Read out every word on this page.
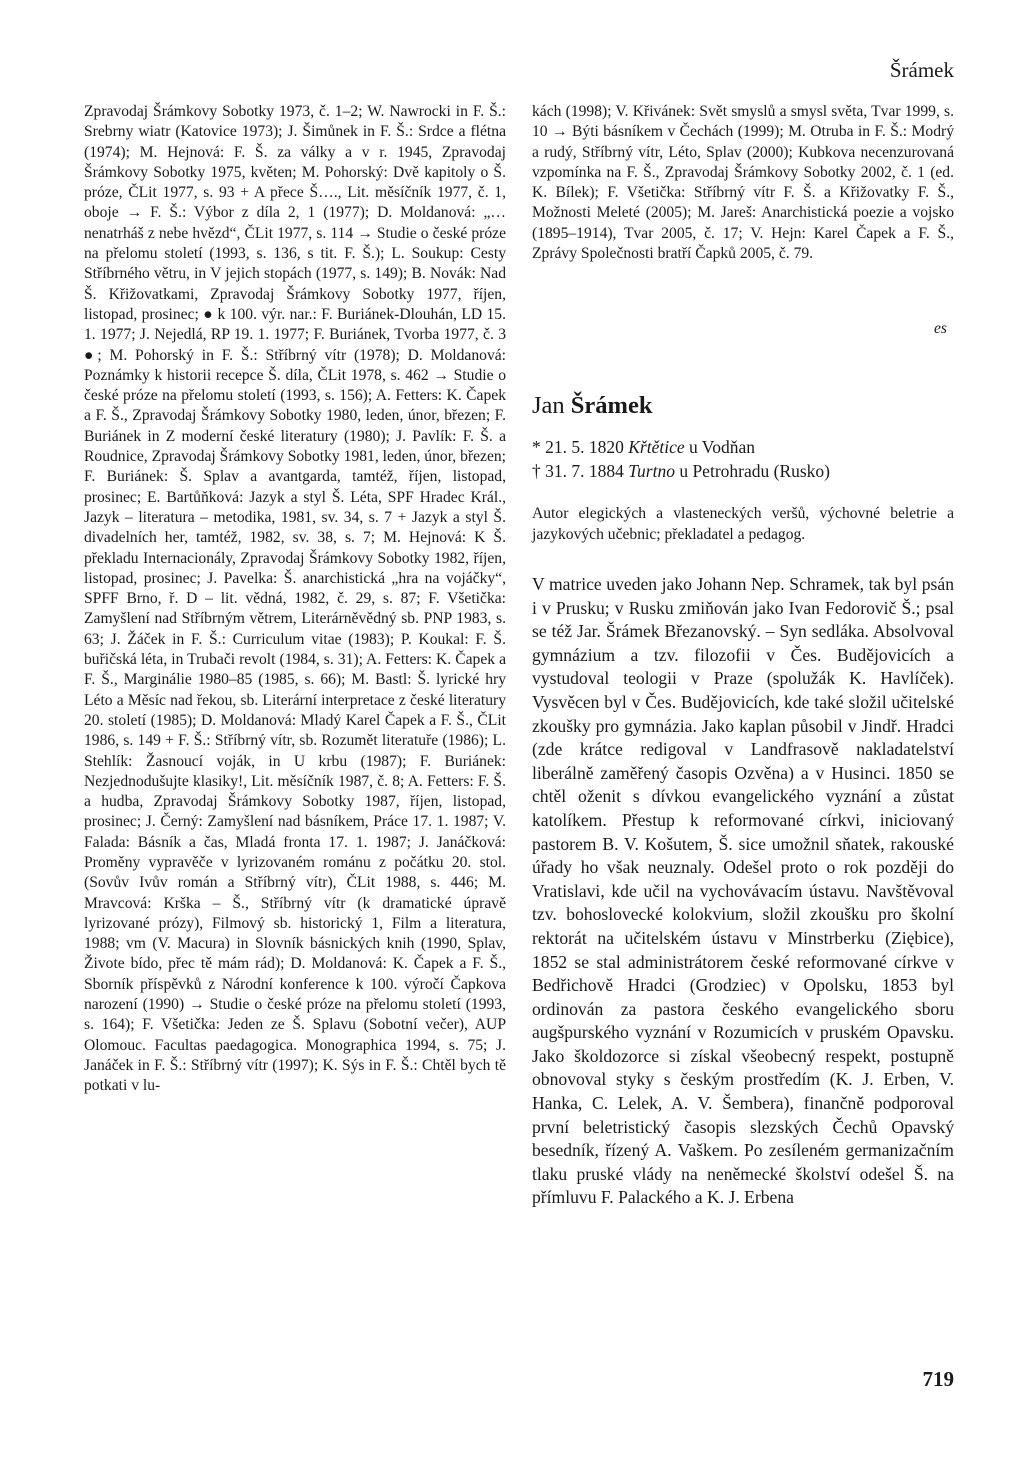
Šrámek
Zpravodaj Šrámkovy Sobotky 1973, č. 1–2; W. Nawrocki in F. Š.: Srebrny wiatr (Katovice 1973); J. Šimůnek in F. Š.: Srdce a flétna (1974); M. Hejnová: F. Š. za války a v r. 1945, Zpravodaj Šrámkovy Sobotky 1975, květen; M. Pohorský: Dvě kapitoly o Š. próze, ČLit 1977, s. 93 + A přece Š…., Lit. měsíčník 1977, č. 1, oboje → F. Š.: Výbor z díla 2, 1 (1977); D. Moldanová: „… nenatrháš z nebe hvězd“, ČLit 1977, s. 114 → Studie o české próze na přelomu století (1993, s. 136, s tit. F. Š.); L. Soukup: Cesty Stříbrného větru, in V jejich stopách (1977, s. 149); B. Novák: Nad Š. Křižovatkami, Zpravodaj Šrámkovy Sobotky 1977, říjen, listopad, prosinec; ● k 100. výr. nar.: F. Buriánek-Dlouhán, LD 15. 1. 1977; J. Nejedlá, RP 19. 1. 1977; F. Buriánek, Tvorba 1977, č. 3 ●; M. Pohorský in F. Š.: Stříbrný vítr (1978); D. Moldanová: Poznámky k historii recepce Š. díla, ČLit 1978, s. 462 → Studie o české próze na přelomu století (1993, s. 156); A. Fetters: K. Čapek a F. Š., Zpravodaj Šrámkovy Sobotky 1980, leden, únor, březen; F. Buriánek in Z moderní české literatury (1980); J. Pavlík: F. Š. a Roudnice, Zpravodaj Šrámkovy Sobotky 1981, leden, únor, březen; F. Buriánek: Š. Splav a avantgarda, tamtéž, říjen, listopad, prosinec; E. Bartůňková: Jazyk a styl Š. Léta, SPF Hradec Král., Jazyk – literatura – metodika, 1981, sv. 34, s. 7 + Jazyk a styl Š. divadelních her, tamtéž, 1982, sv. 38, s. 7; M. Hejnová: K Š. překladu Internacionály, Zpravodaj Šrámkovy Sobotky 1982, říjen, listopad, prosinec; J. Pavelka: Š. anarchistická „hra na vojáčky“, SPFF Brno, ř. D – lit. vědná, 1982, č. 29, s. 87; F. Všetička: Zamyšlení nad Stříbrným větrem, Literárněvědný sb. PNP 1983, s. 63; J. Žáček in F. Š.: Curriculum vitae (1983); P. Koukal: F. Š. buřičská léta, in Trubači revolt (1984, s. 31); A. Fetters: K. Čapek a F. Š., Marginálie 1980–85 (1985, s. 66); M. Bastl: Š. lyrické hry Léto a Měsíc nad řekou, sb. Literární interpretace z české literatury 20. století (1985); D. Moldanová: Mladý Karel Čapek a F. Š., ČLit 1986, s. 149 + F. Š.: Stříbrný vítr, sb. Rozumět literatuře (1986); L. Stehlík: Žasnoucí voják, in U krbu (1987); F. Buriánek: Nezjednodušujte klasiky!, Lit. měsíčník 1987, č. 8; A. Fetters: F. Š. a hudba, Zpravodaj Šrámkovy Sobotky 1987, říjen, listopad, prosinec; J. Černý: Zamyšlení nad básníkem, Práce 17. 1. 1987; V. Falada: Básník a čas, Mladá fronta 17. 1. 1987; J. Janáčková: Proměny vypravěče v lyrizovaném románu z počátku 20. stol. (Sovův Ivův román a Stříbrný vítr), ČLit 1988, s. 446; M. Mravcová: Krška – Š., Stříbrný vítr (k dramatické úpravě lyrizované prózy), Filmový sb. historický 1, Film a literatura, 1988; vm (V. Macura) in Slovník básnických knih (1990, Splav, Živote bído, přec tě mám rád); D. Moldanová: K. Čapek a F. Š., Sborník příspěvků z Národní konference k 100. výročí Čapkova narození (1990) → Studie o české próze na přelomu století (1993, s. 164); F. Všetička: Jeden ze Š. Splavu (Sobotní večer), AUP Olomouc. Facultas paedagogica. Monographica 1994, s. 75; J. Janáček in F. Š.: Stříbrný vítr (1997); K. Sýs in F. Š.: Chtěl bych tě potkati v lu-
kách (1998); V. Křivánek: Svět smyslů a smysl světa, Tvar 1999, s. 10 → Býti básníkem v Čechách (1999); M. Otruba in F. Š.: Modrý a rudý, Stříbrný vítr, Léto, Splav (2000); Kubkova necenzurovaná vzpomínka na F. Š., Zpravodaj Šrámkovy Sobotky 2002, č. 1 (ed. K. Bílek); F. Všetička: Stříbrný vítr F. Š. a Křižovatky F. Š., Možnosti Meleté (2005); M. Jareš: Anarchistická poezie a vojsko (1895–1914), Tvar 2005, č. 17; V. Hejn: Karel Čapek a F. Š., Zprávy Společnosti bratří Čapků 2005, č. 79.
es
Jan Šrámek
* 21. 5. 1820 Křtětice u Vodňan
† 31. 7. 1884 Turtno u Petrohradu (Rusko)
Autor elegických a vlasteneckých veršů, výchovné beletrie a jazykových učebnic; překladatel a pedagog.
V matrice uveden jako Johann Nep. Schramek, tak byl psán i v Prusku; v Rusku zmiňován jako Ivan Fedorovič Š.; psal se též Jar. Šrámek Březanovský. – Syn sedláka. Absolvoval gymnázium a tzv. filozofii v Čes. Budějovicích a vystudoval teologii v Praze (spolužák K. Havlíček). Vysvěcen byl v Čes. Budějovicích, kde také složil učitelské zkoušky pro gymnázia. Jako kaplan působil v Jindř. Hradci (zde krátce redigoval v Landfrasově nakladatelství liberálně zaměřený časopis Ozvěna) a v Husinci. 1850 se chtěl oženit s dívkou evangelického vyznání a zůstat katolíkem. Přestup k reformované církvi, iniciovaný pastorem B. V. Košutem, Š. sice umožnil sňatek, rakouské úřady ho však neuznaly. Odešel proto o rok později do Vratislavi, kde učil na vychovávacím ústavu. Navštěvoval tzv. bohoslovecké kolokvium, složil zkoušku pro školní rektorát na učitelském ústavu v Minstrberku (Ziębice), 1852 se stal administrátorem české reformované církve v Bedřichově Hradci (Grodziec) v Opolsku, 1853 byl ordinován za pastora českého evangelického sboru augšpurského vyznání v Rozumicích v pruském Opavsku. Jako školdozorce si získal všeobecný respekt, postupně obnovoval styky s českým prostředím (K. J. Erben, V. Hanka, C. Lelek, A. V. Šembera), finančně podporoval první beletristický časopis slezských Čechů Opavský besedník, řízený A. Vaškem. Po zesíleném germanizačním tlaku pruské vlády na neněmecké školství odešel Š. na přímluvu F. Palackého a K. J. Erbena
719
